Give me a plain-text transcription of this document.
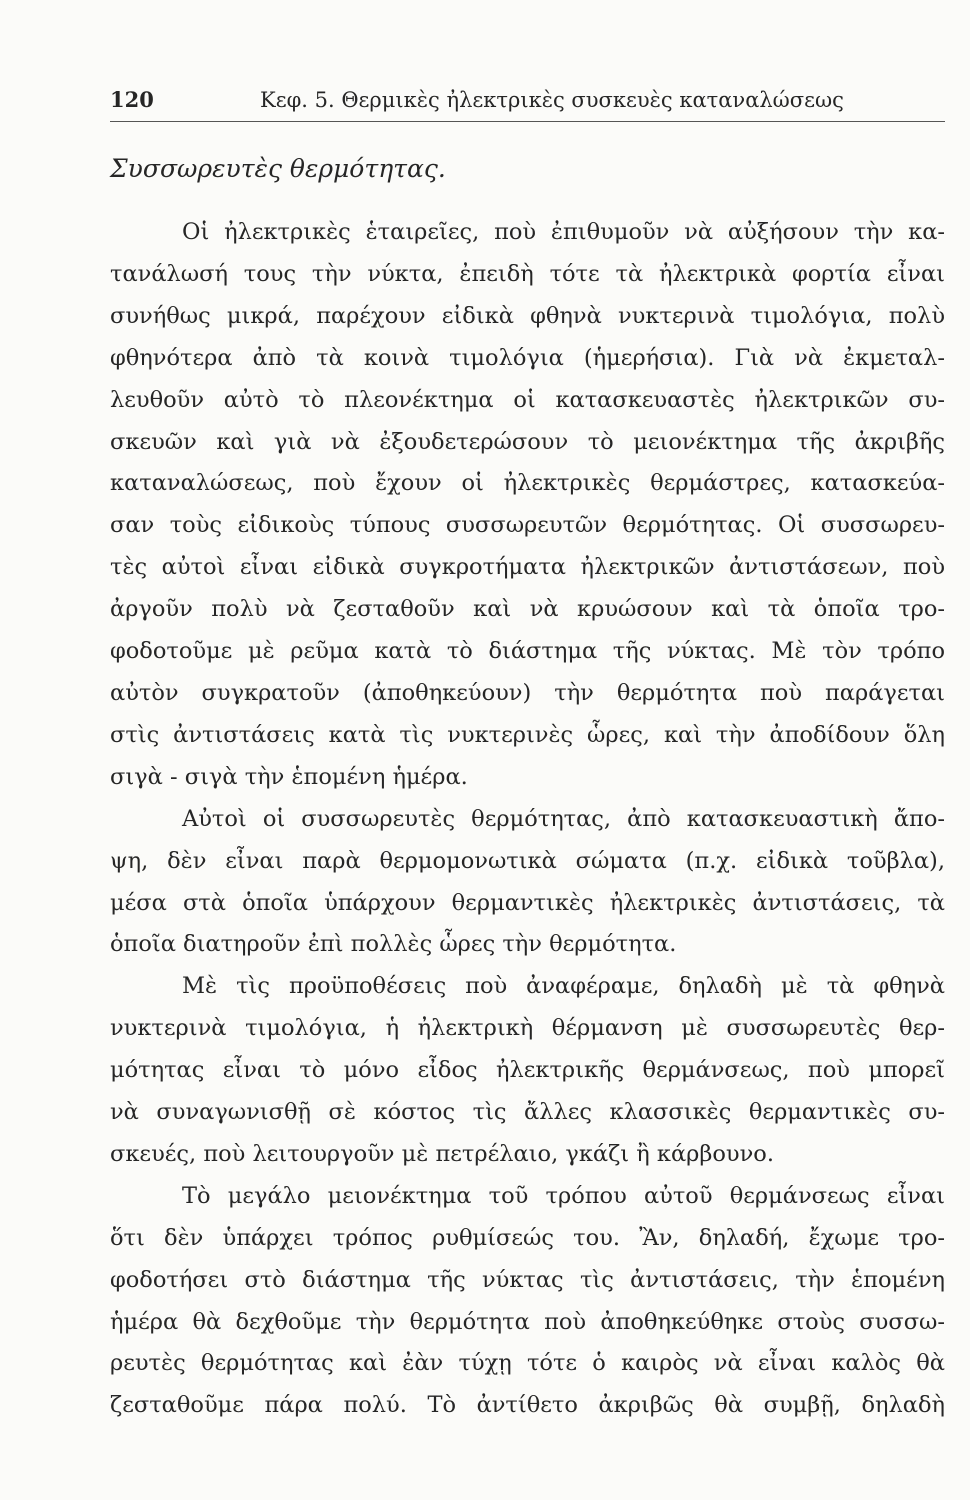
120	Κεφ. 5. Θερμικὲς ἠλεκτρικὲς συσκευὲς καταναλώσεως
Συσσωρευτὲς θερμότητας.
Οἱ ἠλεκτρικὲς ἑταιρεῖες, ποὺ ἐπιθυμοῦν νὰ αὐξήσουν τὴν κα-
τανάλωσή τους τὴν νύκτα, ἐπειδὴ τότε τὰ ἠλεκτρικὰ φορτία εἶναι
συνήθως μικρά, παρέχουν εἰδικὰ φθηνὰ νυκτερινὰ τιμολόγια, πολὺ
φθηνότερα ἀπὸ τὰ κοινὰ τιμολόγια (ἡμερήσια). Γιὰ νὰ ἐκμεταλ-
λευθοῦν αὐτὸ τὸ πλεονέκτημα οἱ κατασκευαστὲς ἠλεκτρικῶν συ-
σκευῶν καὶ γιὰ νὰ ἐξουδετερώσουν τὸ μειονέκτημα τῆς ἀκριβῆς
καταναλώσεως, ποὺ ἔχουν οἱ ἠλεκτρικὲς θερμάστρες, κατασκεύα-
σαν τοὺς εἰδικοὺς τύπους συσσωρευτῶν θερμότητας. Οἱ συσσωρευ-
τὲς αὐτοὶ εἶναι εἰδικὰ συγκροτήματα ἠλεκτρικῶν ἀντιστάσεων, ποὺ
ἀργοῦν πολὺ νὰ ζεσταθοῦν καὶ νὰ κρυώσουν καὶ τὰ ὁποῖα τρο-
φοδοτοῦμε μὲ ρεῦμα κατὰ τὸ διάστημα τῆς νύκτας. Μὲ τὸν τρόπο
αὐτὸν συγκρατοῦν (ἀποθηκεύουν) τὴν θερμότητα ποὺ παράγεται
στὶς ἀντιστάσεις κατὰ τὶς νυκτερινὲς ὧρες, καὶ τὴν ἀποδίδουν ὅλη
σιγὰ - σιγὰ τὴν ἑπομένη ἡμέρα.
Αὐτοὶ οἱ συσσωρευτὲς θερμότητας, ἀπὸ κατασκευαστικὴ ἄπο-
ψη, δὲν εἶναι παρὰ θερμομονωτικὰ σώματα (π.χ. εἰδικὰ τοῦβλα),
μέσα στὰ ὁποῖα ὑπάρχουν θερμαντικὲς ἠλεκτρικὲς ἀντιστάσεις, τὰ
ὁποῖα διατηροῦν ἐπὶ πολλὲς ὧρες τὴν θερμότητα.
Μὲ τὶς προϋποθέσεις ποὺ ἀναφέραμε, δηλαδὴ μὲ τὰ φθηνὰ
νυκτερινὰ τιμολόγια, ἡ ἠλεκτρικὴ θέρμανση μὲ συσσωρευτὲς θερ-
μότητας εἶναι τὸ μόνο εἶδος ἠλεκτρικῆς θερμάνσεως, ποὺ μπορεῖ
νὰ συναγωνισθῇ σὲ κόστος τὶς ἄλλες κλασσικὲς θερμαντικὲς συ-
σκευές, ποὺ λειτουργοῦν μὲ πετρέλαιο, γκάζι ἢ κάρβουνο.
Τὸ μεγάλο μειονέκτημα τοῦ τρόπου αὐτοῦ θερμάνσεως εἶναι
ὅτι δὲν ὑπάρχει τρόπος ρυθμίσεώς του. Ἂν, δηλαδή, ἔχωμε τρο-
φοδοτήσει στὸ διάστημα τῆς νύκτας τὶς ἀντιστάσεις, τὴν ἑπομένη
ἡμέρα θὰ δεχθοῦμε τὴν θερμότητα ποὺ ἀποθηκεύθηκε στοὺς συσσω-
ρευτὲς θερμότητας καὶ ἐὰν τύχῃ τότε ὁ καιρὸς νὰ εἶναι καλὸς θὰ
ζεσταθοῦμε πάρα πολύ. Τὸ ἀντίθετο ἀκριβῶς θὰ συμβῇ, δηλαδὴ
